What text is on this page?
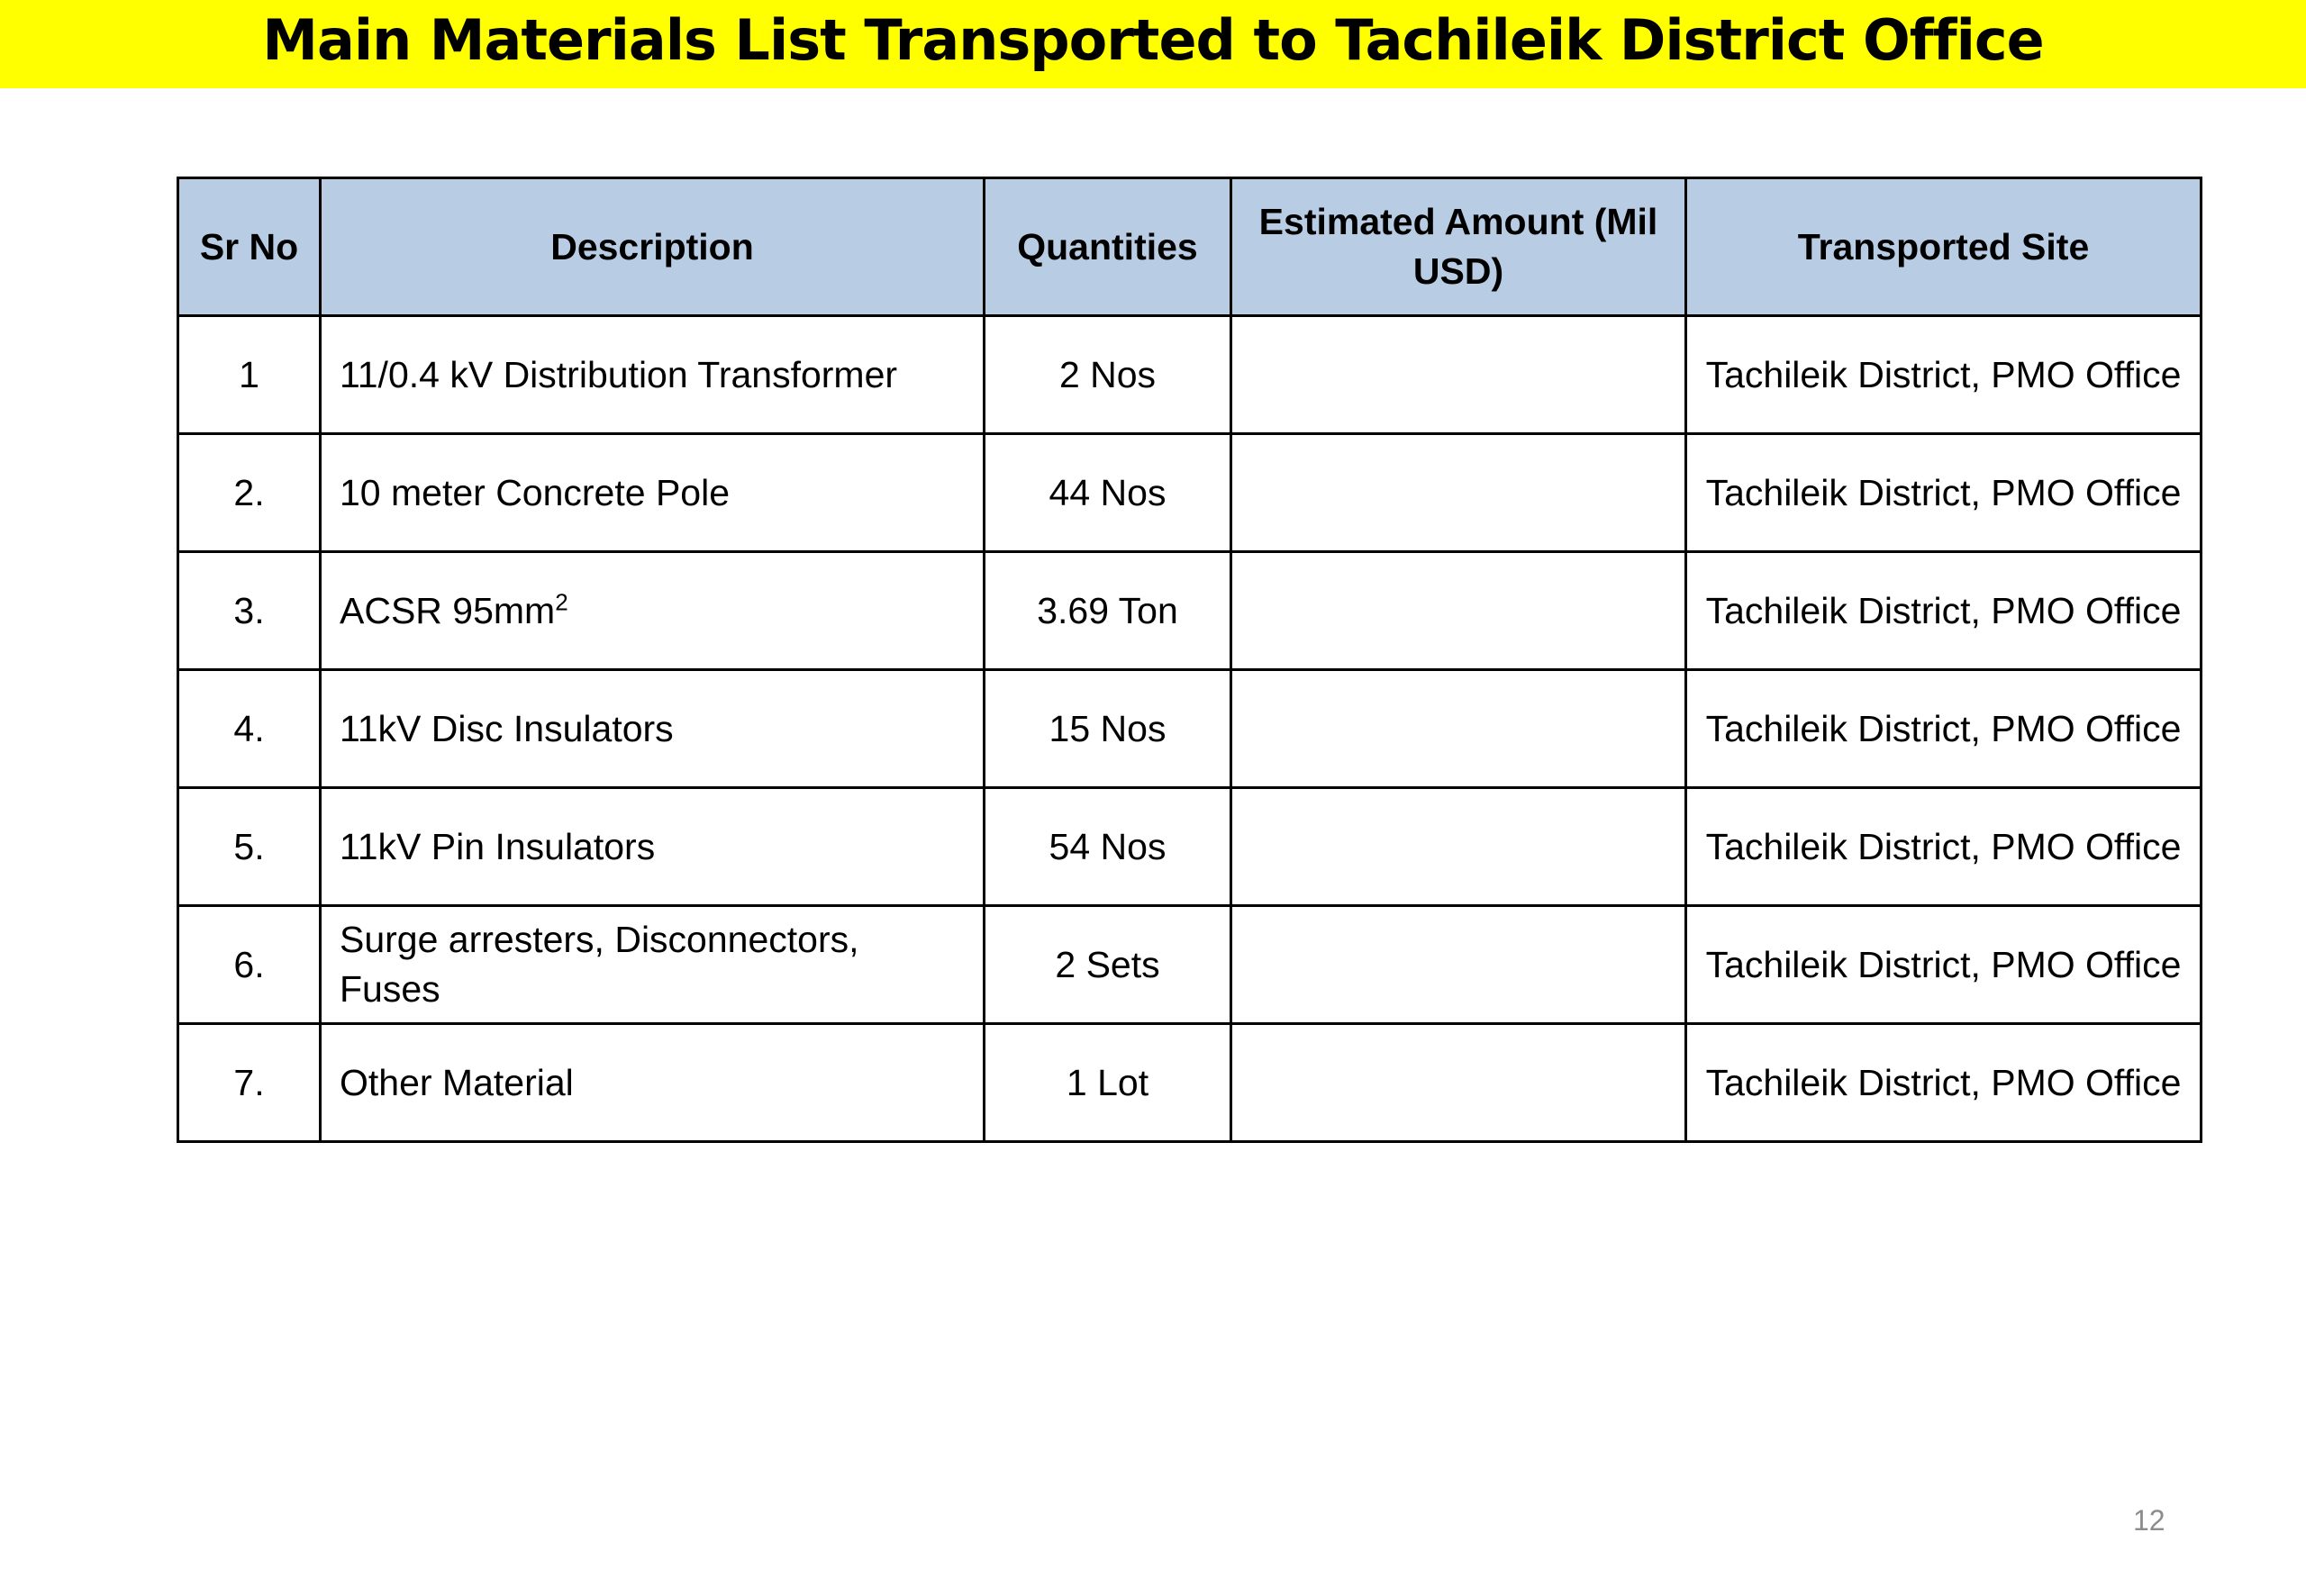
Main Materials List Transported to Tachileik District Office
Sr No	Description	Quantities	Estimated Amount (Mil USD)	Transported Site
1	11/0.4 kV Distribution Transformer	2 Nos		Tachileik District, PMO Office
2.	10 meter Concrete Pole	44 Nos		Tachileik District, PMO Office
3.	ACSR $95mm^2$	3.69 Ton		Tachileik District, PMO Office
4.	11kV Disc Insulators	15 Nos		Tachileik District, PMO Office
5.	11kV Pin Insulators	54 Nos		Tachileik District, PMO Office
6.	Surge arresters, Disconnectors, Fuses	2 Sets		Tachileik District, PMO Office
7.	Other Material	1 Lot		Tachileik District, PMO Office
12
